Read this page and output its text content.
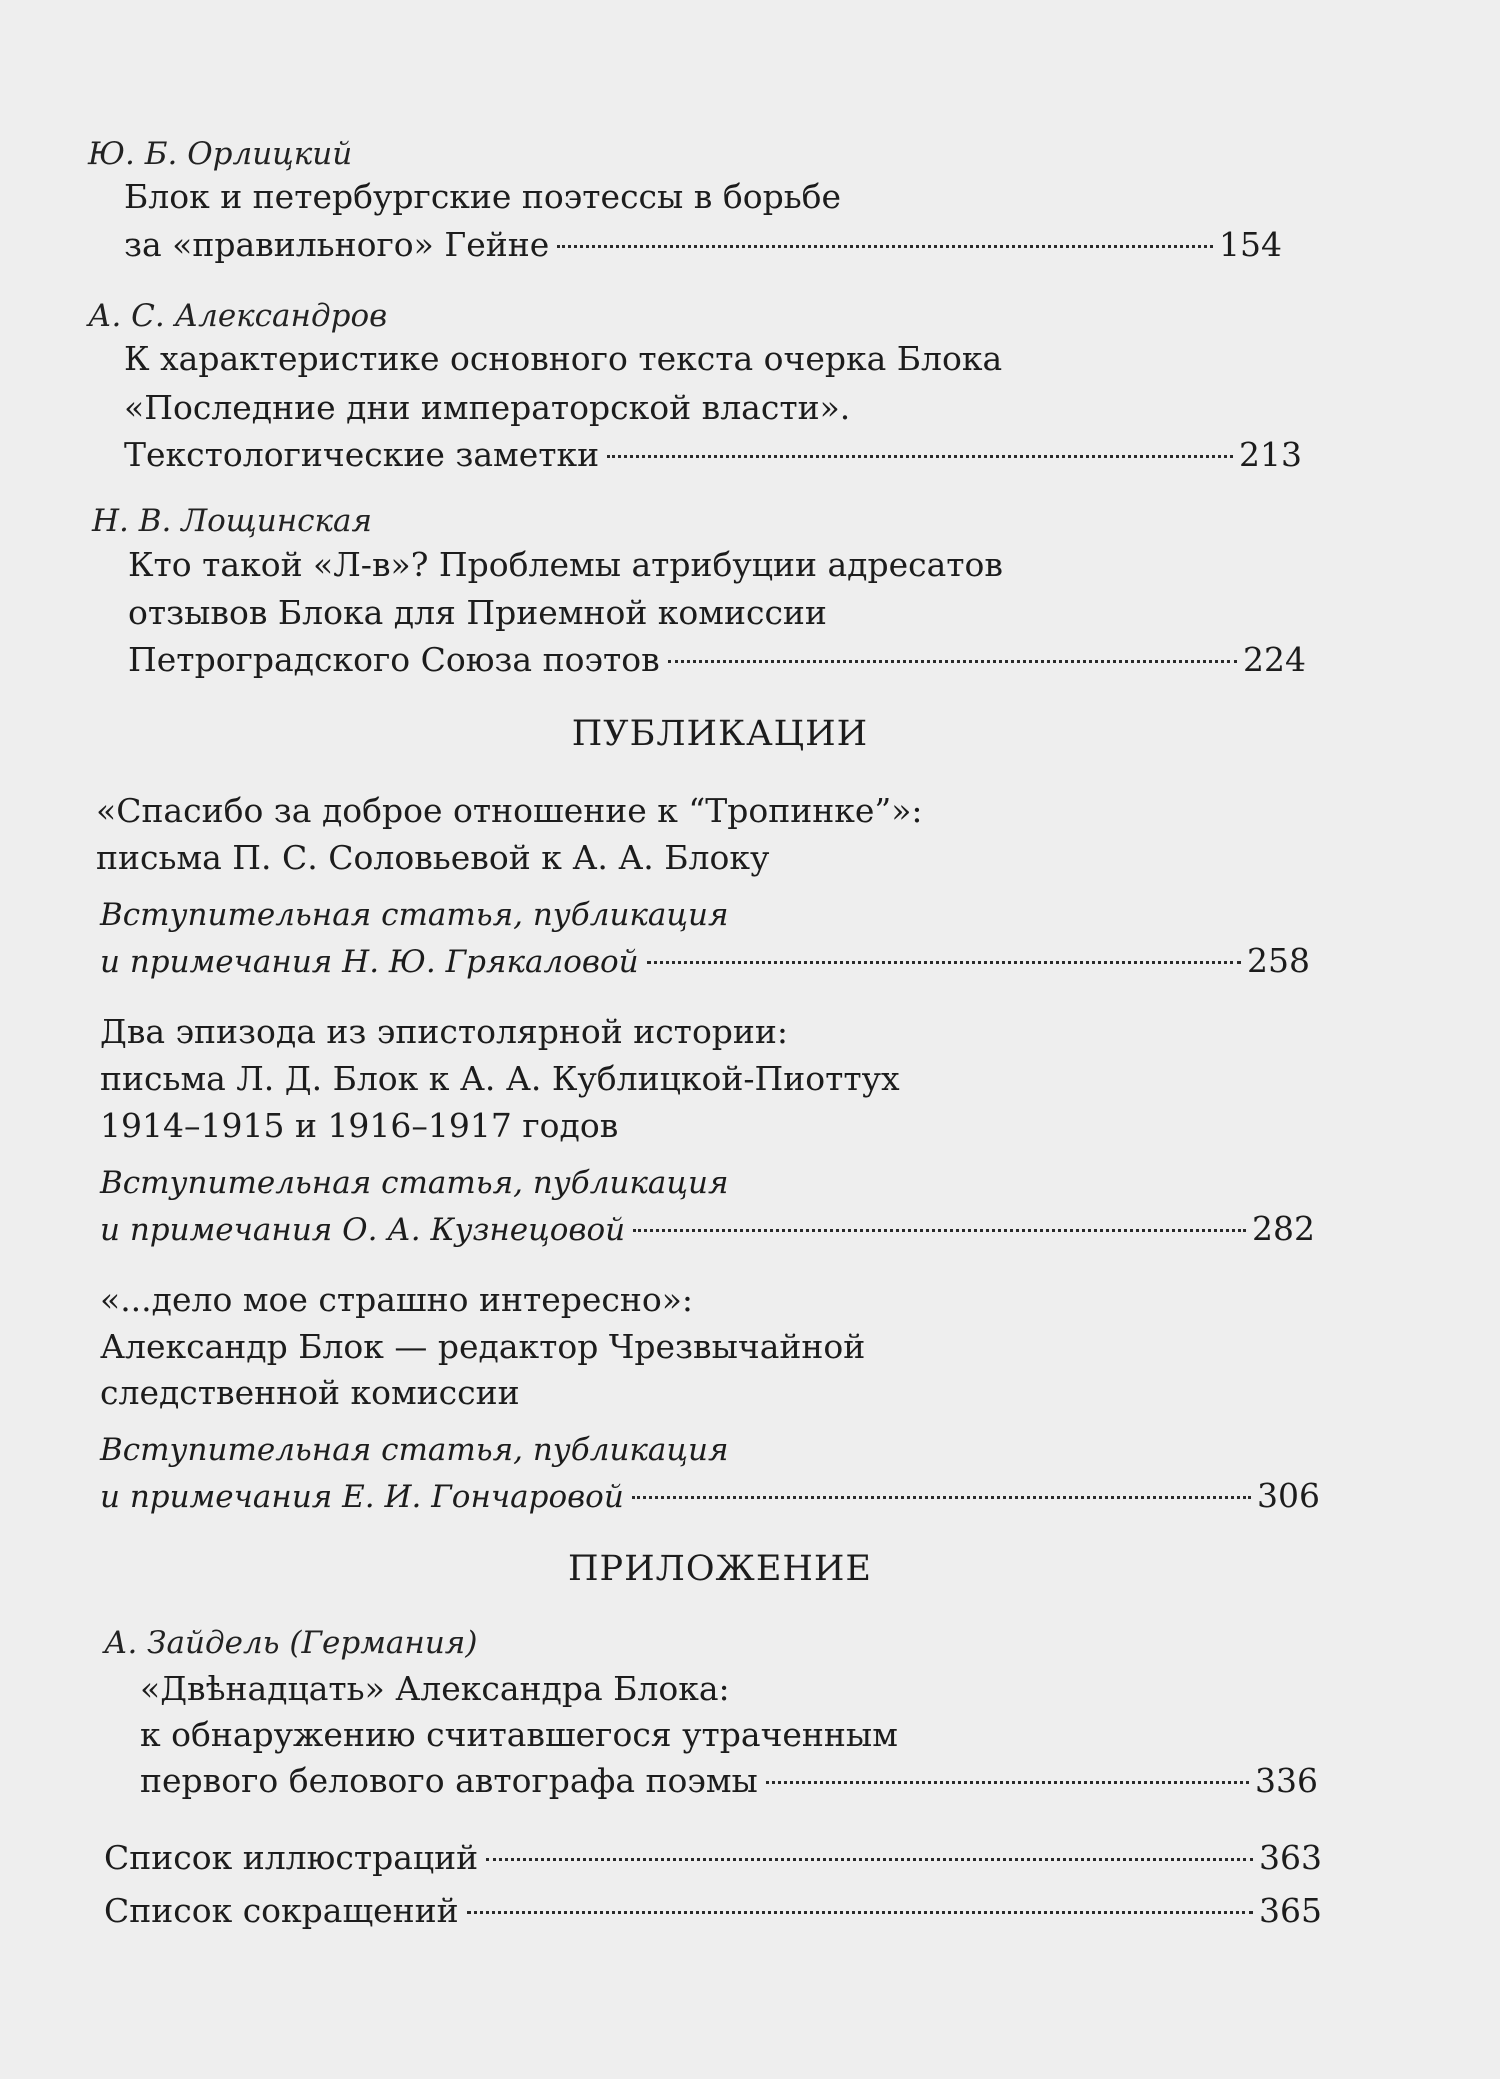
Ю. Б. Орлицкий
Блок и петербургские поэтессы в борьбе
за «правильного» Гейне	154
А. С. Александров
К характеристике основного текста очерка Блока
«Последние дни императорской власти».
Текстологические заметки	213
Н. В. Лощинская
Кто такой «Л-в»? Проблемы атрибуции адресатов
отзывов Блока для Приемной комиссии
Петроградского Союза поэтов	224
ПУБЛИКАЦИИ
«Спасибо за доброе отношение к “Тропинке”»:
письма П. С. Соловьевой к А. А. Блоку
Вступительная статья, публикация
и примечания Н. Ю. Грякаловой	258
Два эпизода из эпистолярной истории:
письма Л. Д. Блок к А. А. Кублицкой-Пиоттух
1914–1915 и 1916–1917 годов
Вступительная статья, публикация
и примечания О. А. Кузнецовой	282
«...дело мое страшно интересно»:
Александр Блок — редактор Чрезвычайной
следственной комиссии
Вступительная статья, публикация
и примечания Е. И. Гончаровой	306
ПРИЛОЖЕНИЕ
А. Зайдель (Германия)
«Двѣнадцать» Александра Блока:
к обнаружению считавшегося утраченным
первого белового автографа поэмы	336
Список иллюстраций	363
Список сокращений	365
